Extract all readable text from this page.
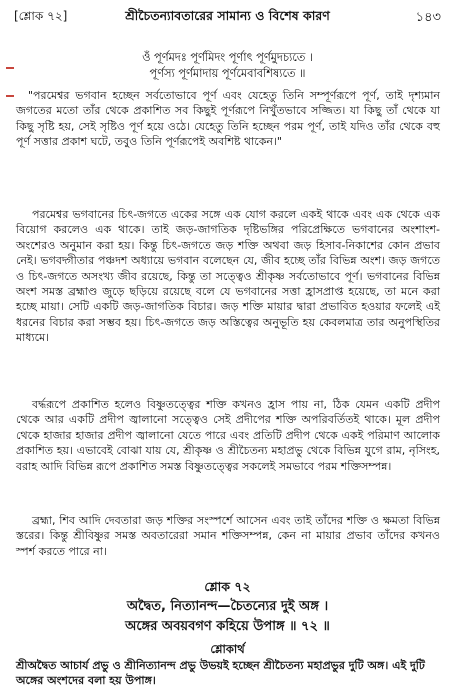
[শ্লোক ৭২]	শ্রীচৈতন্যাবতারের সামান্য ও বিশেষ কারণ	১৪৩
ওঁ পূর্ণমদঃ পূর্ণমিদং পূর্ণাৎ পূর্ণমুদচ্যতে ।
পূর্ণস্য পূর্ণমাদায় পূর্ণমেবাবশিষ্যতে ॥

"পরমেশ্বর ভগবান হচ্ছেন সর্বতোভাবে পূর্ণ এবং যেহেতু তিনি সম্পূর্ণরূপে পূর্ণ, তাই দৃশ্যমান জগতের মতো তাঁর থেকে প্রকাশিত সব কিছুই পূর্ণরূপে নিখুঁতভাবে সজ্জিত। যা কিছু তাঁ থেকে যা কিছু সৃষ্টি হয়, সেই সৃষ্টিও পূর্ণ হয়ে ওঠে। যেহেতু তিনি হচ্ছেন পরম পূর্ণ, তাই যদিও তাঁর থেকে বহু পূর্ণ সত্তার প্রকাশ ঘটে, তবুও তিনি পূর্ণরূপেই অবশিষ্ট থাকেন।"

পরমেশ্বর ভগবানের চিৎ-জগতে একের সঙ্গে এক যোগ করলে একই থাকে এবং এক থেকে এক বিয়োগ করলেও এক থাকে। তাই জড়-জাগতিক দৃষ্টিভঙ্গির পরিপ্রেক্ষিতে ভগবানের অংশাংশ-অংশেরও অনুমান করা হয়। কিন্তু চিৎ-জগতে জড় শক্তি অথবা জড় হিসাব-নিকাশের কোন প্রভাব নেই। ভগবদ্গীতার পঞ্চদশ অধ্যায়ে ভগবান বলেছেন যে, জীব হচ্ছে তাঁর বিভিন্ন অংশ। জড় জগতে ও চিৎ-জগতে অসংখ্য জীব রয়েছে, কিন্তু তা সত্ত্বেও শ্রীকৃষ্ণ সর্বতোভাবে পূর্ণ। ভগবানের বিভিন্ন অংশ সমস্ত ব্রহ্মাণ্ড জুড়ে ছড়িয়ে রয়েছে বলে যে ভগবানের সত্তা হ্রাসপ্রাপ্ত হয়েছে, তা মনে করা হচ্ছে মায়া। সেটি একটি জড়-জাগতিক বিচার। জড় শক্তি মায়ার দ্বারা প্রভাবিত হওয়ার ফলেই এই ধরনের বিচার করা সম্ভব হয়। চিৎ-জগতে জড় অস্তিত্বের অনুভূতি হয় কেবলমাত্র তার অনুপস্থিতির মাধ্যমে।

বৰ্দ্ধরূপে প্রকাশিত হলেও বিষ্ণুতত্ত্বের শক্তি কখনও হ্রাস পায় না, ঠিক যেমন একটি প্রদীপ থেকে আর একটি প্রদীপ জ্বালানো সত্ত্বেও সেই প্রদীপের শক্তি অপরিবর্তিতই থাকে। মূল প্রদীপ থেকে হাজার হাজার প্রদীপ জ্বালানো যেতে পারে এবং প্রতিটি প্রদীপ থেকে একই পরিমাণ আলোক প্রকাশিত হয়। এভাবেই বোঝা যায় যে, শ্রীকৃষ্ণ ও শ্রীচৈতন্য মহাপ্রভু থেকে বিভিন্ন যুগে রাম, নৃসিংহ, বরাহ আদি বিভিন্ন রূপে প্রকাশিত সমস্ত বিষ্ণুতত্ত্বের সকলেই সমভাবে পরম শক্তিসম্পন্ন।

ব্রহ্মা, শিব আদি দেবতারা জড় শক্তির সংস্পর্শে আসেন এবং তাই তাঁদের শক্তি ও ক্ষমতা বিভিন্ন স্তরের। কিন্তু শ্রীবিষ্ণুর সমস্ত অবতারেরা সমান শক্তিসম্পন্ন, কেন না মায়ার প্রভাব তাঁদের কখনও স্পর্শ করতে পারে না।

শ্লোক ৭২
অদ্বৈত, নিত্যানন্দ—চৈতন্যের দুই অঙ্গ ।
অঙ্গের অবয়বগণ কহিয়ে উপাঙ্গ ॥ ৭২ ॥
শ্লোকার্থ
শ্রীঅদ্বৈত আচার্য প্রভু ও শ্রীনিত্যানন্দ প্রভু উভয়ই হচ্ছেন শ্রীচৈতন্য মহাপ্রভুর দুটি অঙ্গ। এই দুটি অঙ্গের অংশদের বলা হয় উপাঙ্গ।
